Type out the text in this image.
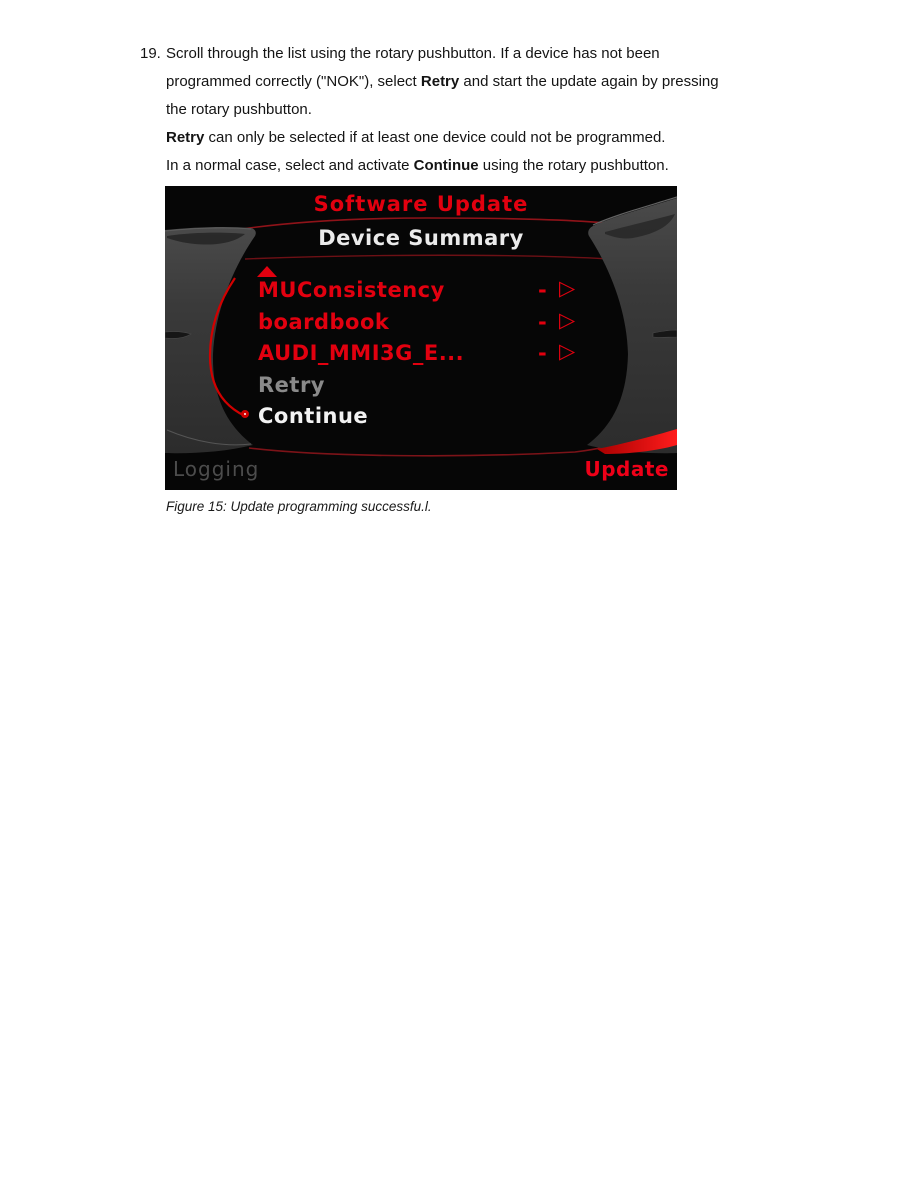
19. Scroll through the list using the rotary pushbutton. If a device has not been
programmed correctly ("NOK"), select Retry and start the update again by pressing
the rotary pushbutton.
Retry can only be selected if at least one device could not be programmed.
In a normal case, select and activate Continue using the rotary pushbutton.
Software Update
Device Summary
MUConsistency	- ▷
boardbook	- ▷
AUDI_MMI3G_E...	- ▷
Retry
Continue
Logging	Update
Figure 15: Update programming successfu.l.
